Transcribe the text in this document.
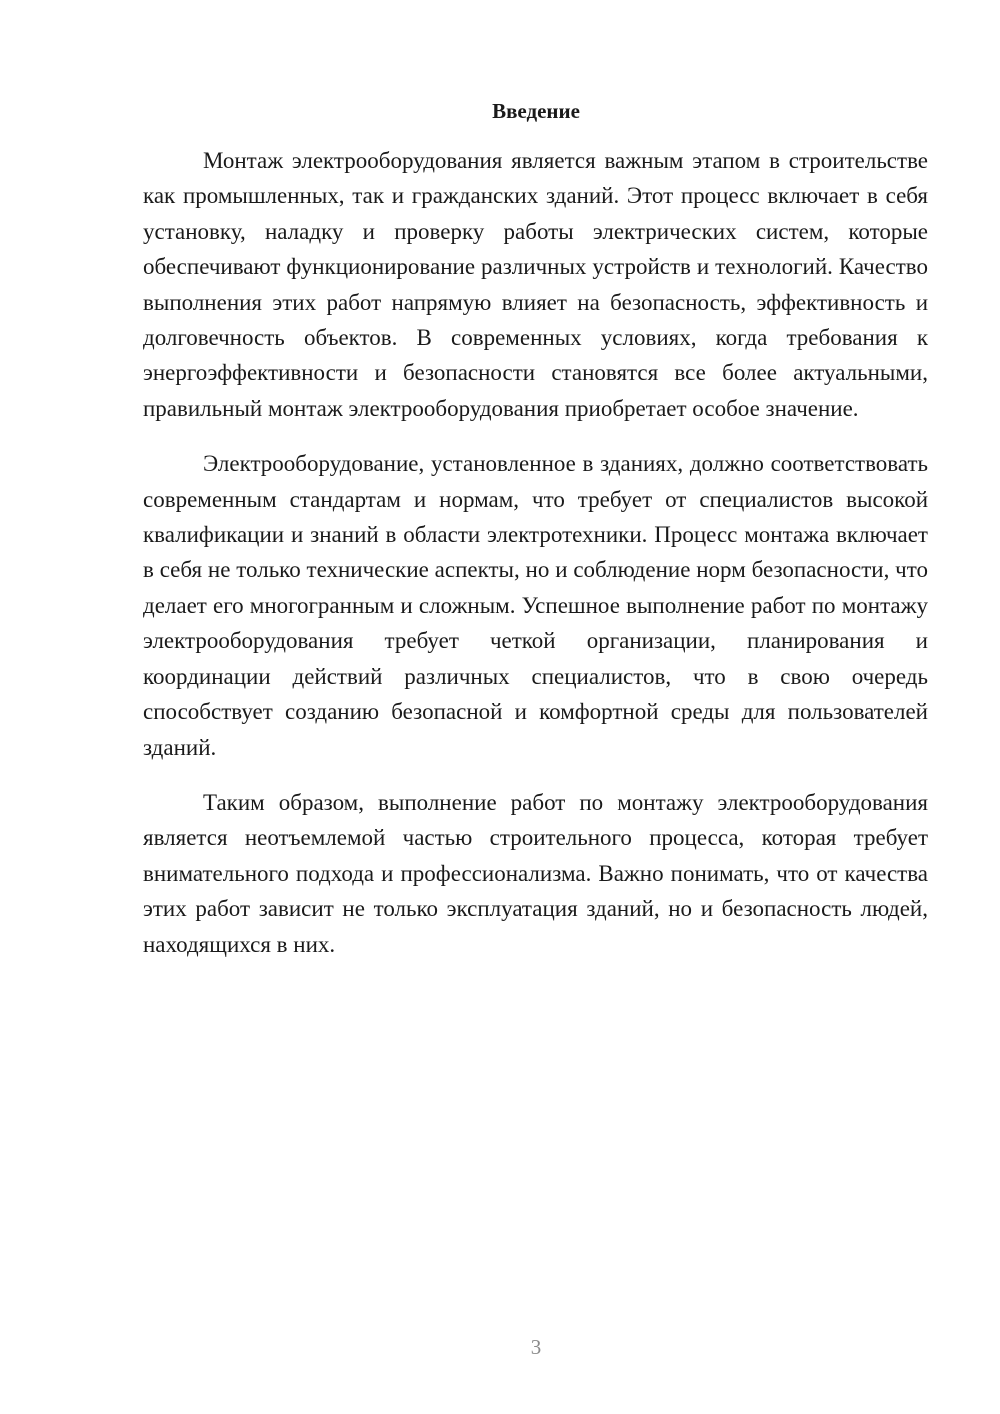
Введение

Монтаж электрооборудования является важным этапом в строительстве как промышленных, так и гражданских зданий. Этот процесс включает в себя установку, наладку и проверку работы электрических систем, которые обеспечивают функционирование различных устройств и технологий. Качество выполнения этих работ напрямую влияет на безопасность, эффективность и долговечность объектов. В современных условиях, когда требования к энергоэффективности и безопасности становятся все более актуальными, правильный монтаж электрооборудования приобретает особое значение.

Электрооборудование, установленное в зданиях, должно соответствовать современным стандартам и нормам, что требует от специалистов высокой квалификации и знаний в области электротехники. Процесс монтажа включает в себя не только технические аспекты, но и соблюдение норм безопасности, что делает его многогранным и сложным. Успешное выполнение работ по монтажу электрооборудования требует четкой организации, планирования и координации действий различных специалистов, что в свою очередь способствует созданию безопасной и комфортной среды для пользователей зданий.

Таким образом, выполнение работ по монтажу электрооборудования является неотъемлемой частью строительного процесса, которая требует внимательного подхода и профессионализма. Важно понимать, что от качества этих работ зависит не только эксплуатация зданий, но и безопасность людей, находящихся в них.

3
